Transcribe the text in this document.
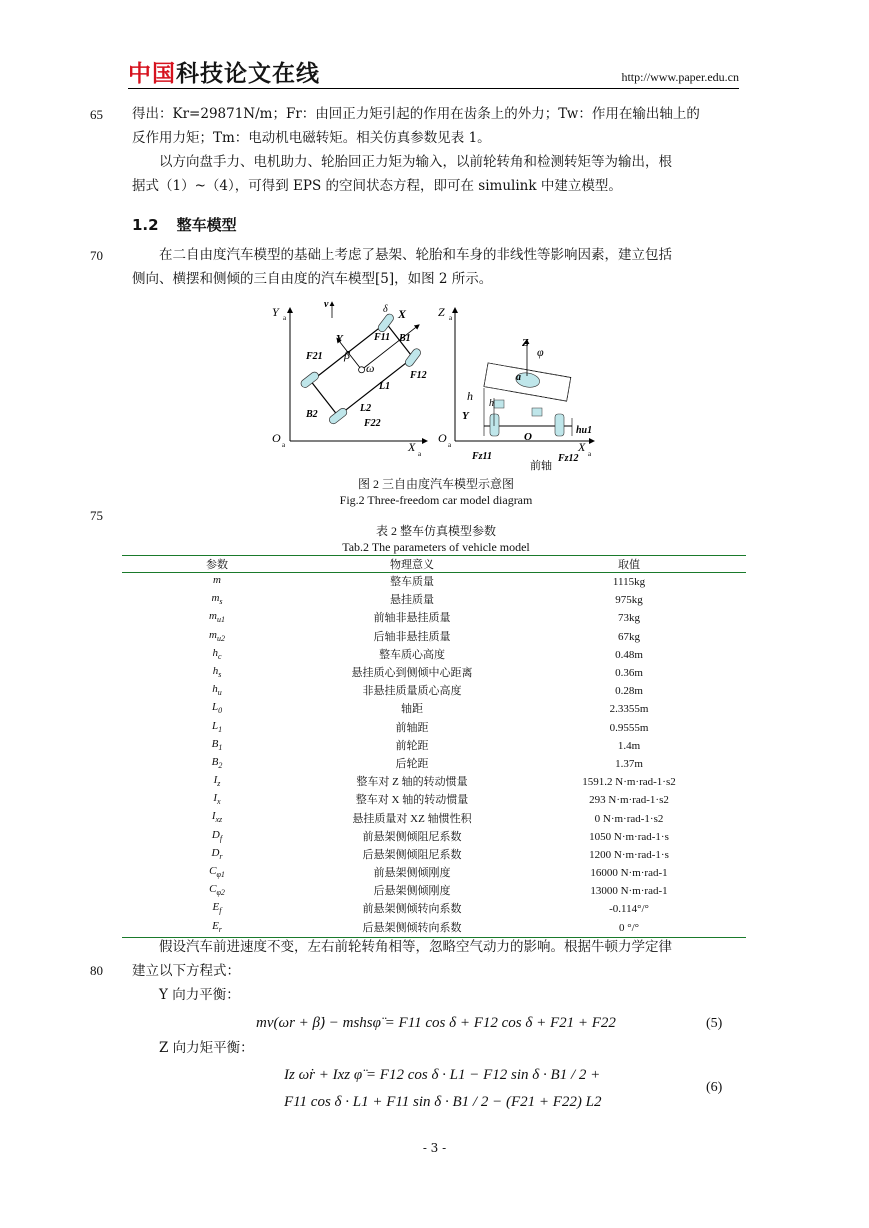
中国科技论文在线	http://www.paper.edu.cn
65
70
75
80
得出：Kr=29871N/m；Fr：由回正力矩引起的作用在齿条上的外力；Tw：作用在输出轴上的
反作用力矩；Tm：电动机电磁转矩。相关仿真参数见表 1。
以方向盘手力、电机助力、轮胎回正力矩为输入，以前轮转角和检测转矩等为输出，根
据式（1）~（4），可得到 EPS 的空间状态方程，即可在 simulink 中建立模型。
1.2 整车模型
在二自由度汽车模型的基础上考虑了悬架、轮胎和车身的非线性等影响因素，建立包括
侧向、横摆和侧倾的三自由度的汽车模型[5]，如图 2 所示。
Y a
O a	X a
v	δ X
Y
β
ω
F11 B1
F21
F12
L1
B2
L2
F22
Z a
O a	X a
Z
φ
a
h
h
Y
O
hu1
Fz11
前轴
Fz12
图 2 三自由度汽车模型示意图
Fig.2 Three-freedom car model diagram
表 2 整车仿真模型参数
Tab.2 The parameters of vehicle model
参数	物理意义	取值
m	整车质量	1115kg
$m_s$	悬挂质量	975kg
$m_{u1}$	前轴非悬挂质量	73kg
$m_{u2}$	后轴非悬挂质量	67kg
$h_c$	整车质心高度	0.48m
$h_s$	悬挂质心到侧倾中心距离	0.36m
$h_u$	非悬挂质量质心高度	0.28m
$L_0$	轴距	2.3355m
$L_1$	前轴距	0.9555m
$B_1$	前轮距	1.4m
$B_2$	后轮距	1.37m
$I_z$	整车对 Z 轴的转动惯量	1591.2 N·m·rad-1·s2
$I_x$	整车对 X 轴的转动惯量	293 N·m·rad-1·s2
$I_{xz}$	悬挂质量对 XZ 轴惯性积	0 N·m·rad-1·s2
$D_f$	前悬架侧倾阻尼系数	1050 N·m·rad-1·s
$D_r$	后悬架侧倾阻尼系数	1200 N·m·rad-1·s
$C_{\varphi 1}$	前悬架侧倾刚度	16000 N·m·rad-1
$C_{\varphi 2}$	后悬架侧倾刚度	13000 N·m·rad-1
$E_f$	前悬架侧倾转向系数	-0.114°/°
$E_r$	后悬架侧倾转向系数	0 °/°
假设汽车前进速度不变，左右前轮转角相等，忽略空气动力的影响。根据牛顿力学定律
建立以下方程式：
Y 向力平衡：
mv(ωr + β̇) − mshsφ̈ = F11 cos δ + F12 cos δ + F21 + F22	(5)
Z 向力矩平衡：
Iz ω̇r + Ixz φ̈ = F12 cos δ · L1 − F12 sin δ · B1 / 2 +
F11 cos δ · L1 + F11 sin δ · B1 / 2 − (F21 + F22) L2
(6)
- 3 -
